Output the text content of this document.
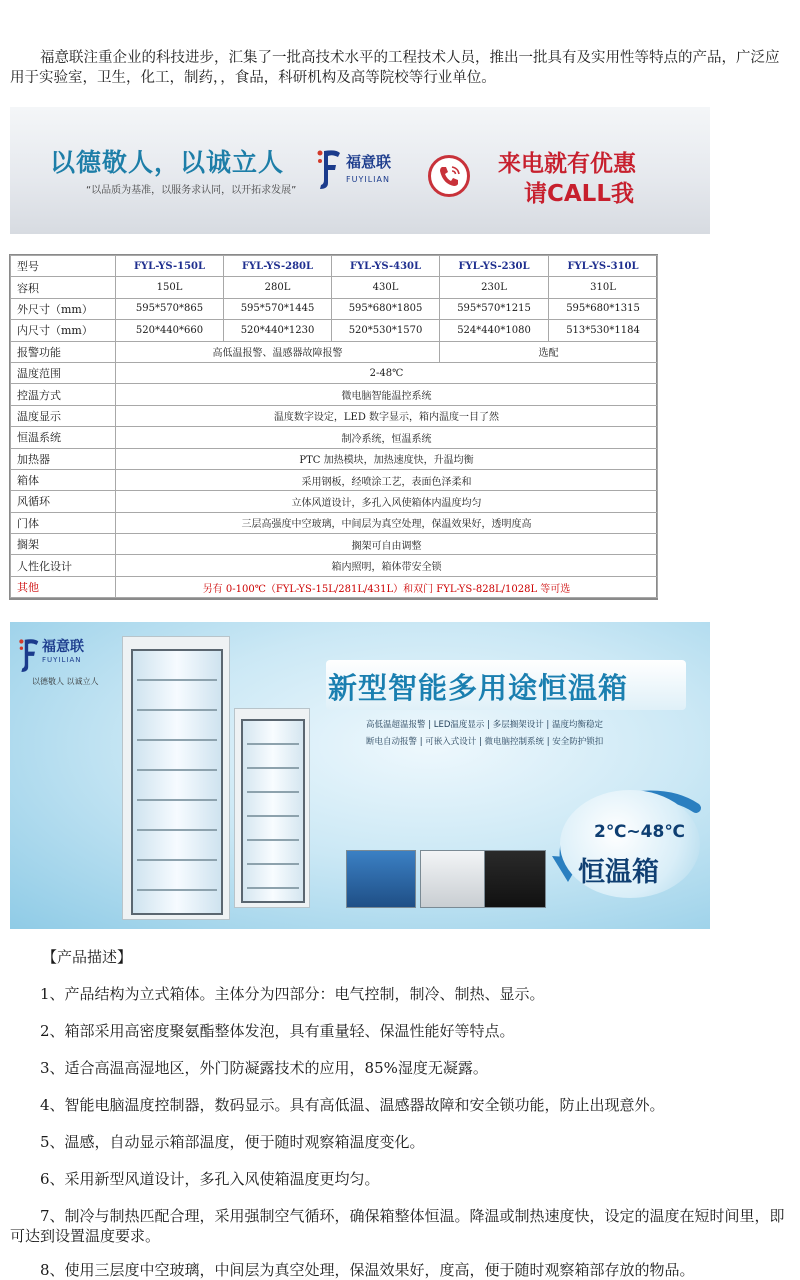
福意联注重企业的科技进步，汇集了一批高技术水平的工程技术人员，推出一批具有及实用性等特点的产品，广泛应用于实验室，卫生，化工，制药，，食品，科研机构及高等院校等行业单位。

以德敬人，以诚立人
“以品质为基准，以服务求认同，以开拓求发展”
福意联
FUYILIAN
来电就有优惠
请CALL我
型号	FYL-YS-150L	FYL-YS-280L	FYL-YS-430L	FYL-YS-230L	FYL-YS-310L
容积	150L	280L	430L	230L	310L
外尺寸（mm）	595*570*865	595*570*1445	595*680*1805	595*570*1215	595*680*1315
内尺寸（mm）	520*440*660	520*440*1230	520*530*1570	524*440*1080	513*530*1184
报警功能	高低温报警、温感器故障报警			选配	
温度范围	2-48℃				
控温方式	微电脑智能温控系统				
温度显示	温度数字设定，LED 数字显示，箱内温度一目了然				
恒温系统	制冷系统，恒温系统				
加热器	PTC 加热模块，加热速度快，升温均衡				
箱体	采用钢板，经喷涂工艺，表面色泽柔和				
风循环	立体风道设计，多孔入风使箱体内温度均匀				
门体	三层高强度中空玻璃，中间层为真空处理，保温效果好，透明度高				
搁架	搁架可自由调整				
人性化设计	箱内照明，箱体带安全锁				
其他	另有 0-100℃（FYL-YS-15L/281L/431L）和双门 FYL-YS-828L/1028L 等可选				
福意联
FUYILIAN
以德敬人 以诚立人	新型智能多用途恒温箱
高低温超温报警 | LED温度显示 | 多层搁架设计 | 温度均衡稳定
断电自动报警 | 可嵌入式设计 | 微电脑控制系统 | 安全防护锁扣
2℃~48℃
恒温箱

【产品描述】

1、产品结构为立式箱体。主体分为四部分：电气控制，制冷、制热、显示。

2、箱部采用高密度聚氨酯整体发泡，具有重量轻、保温性能好等特点。

3、适合高温高湿地区，外门防凝露技术的应用，85%湿度无凝露。

4、智能电脑温度控制器，数码显示。具有高低温、温感器故障和安全锁功能，防止出现意外。

5、温感，自动显示箱部温度，便于随时观察箱温度变化。

6、采用新型风道设计，多孔入风使箱温度更均匀。

7、制冷与制热匹配合理，采用强制空气循环，确保箱整体恒温。降温或制热速度快，设定的温度在短时间里，即可达到设置温度要求。

8、使用三层度中空玻璃，中间层为真空处理，保温效果好，度高，便于随时观察箱部存放的物品。
